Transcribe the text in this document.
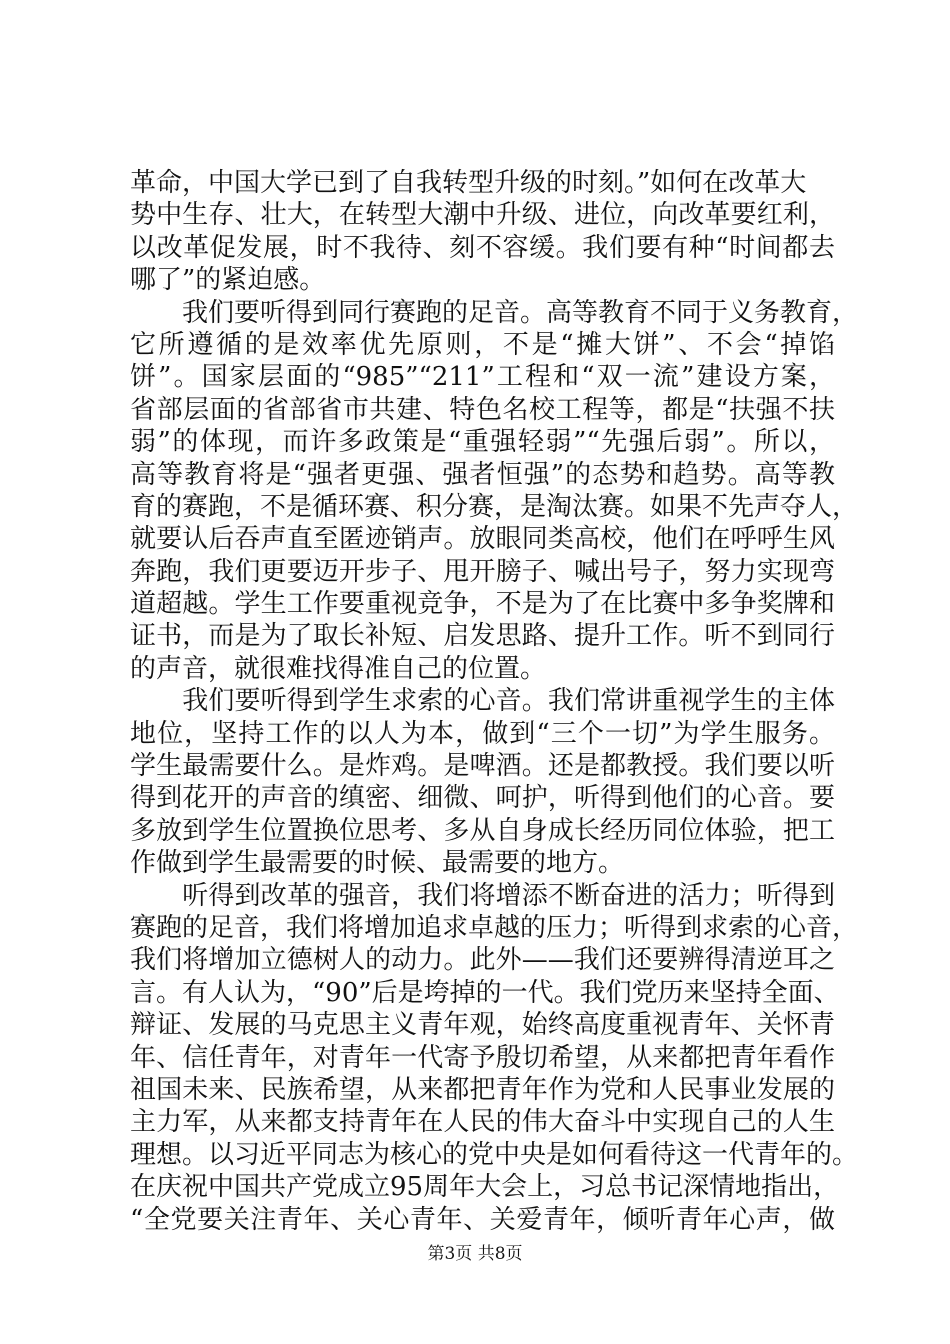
革命，中国大学已到了自我转型升级的时刻。”如何在改革大
势中生存、壮大，在转型大潮中升级、进位，向改革要红利，
以改革促发展，时不我待、刻不容缓。我们要有种“时间都去
哪了”的紧迫感。
　　我们要听得到同行赛跑的足音。高等教育不同于义务教育，
它所遵循的是效率优先原则，不是“摊大饼”、不会“掉馅
饼”。国家层面的“985”“211”工程和“双一流”建设方案，
省部层面的省部省市共建、特色名校工程等，都是“扶强不扶
弱”的体现，而许多政策是“重强轻弱”“先强后弱”。所以，
高等教育将是“强者更强、强者恒强”的态势和趋势。高等教
育的赛跑，不是循环赛、积分赛，是淘汰赛。如果不先声夺人，
就要认后吞声直至匿迹销声。放眼同类高校，他们在呼呼生风
奔跑，我们更要迈开步子、甩开膀子、喊出号子，努力实现弯
道超越。学生工作要重视竞争，不是为了在比赛中多争奖牌和
证书，而是为了取长补短、启发思路、提升工作。听不到同行
的声音，就很难找得准自己的位置。
　　我们要听得到学生求索的心音。我们常讲重视学生的主体
地位，坚持工作的以人为本，做到“三个一切”为学生服务。
学生最需要什么。是炸鸡。是啤酒。还是都教授。我们要以听
得到花开的声音的缜密、细微、呵护，听得到他们的心音。要
多放到学生位置换位思考、多从自身成长经历同位体验，把工
作做到学生最需要的时候、最需要的地方。
　　听得到改革的强音，我们将增添不断奋进的活力；听得到
赛跑的足音，我们将增加追求卓越的压力；听得到求索的心音，
我们将增加立德树人的动力。此外——我们还要辨得清逆耳之
言。有人认为，“90”后是垮掉的一代。我们党历来坚持全面、
辩证、发展的马克思主义青年观，始终高度重视青年、关怀青
年、信任青年，对青年一代寄予殷切希望，从来都把青年看作
祖国未来、民族希望，从来都把青年作为党和人民事业发展的
主力军，从来都支持青年在人民的伟大奋斗中实现自己的人生
理想。以习近平同志为核心的党中央是如何看待这一代青年的。
在庆祝中国共产党成立95周年大会上，习总书记深情地指出，
“全党要关注青年、关心青年、关爱青年，倾听青年心声，做
第3页 共8页
